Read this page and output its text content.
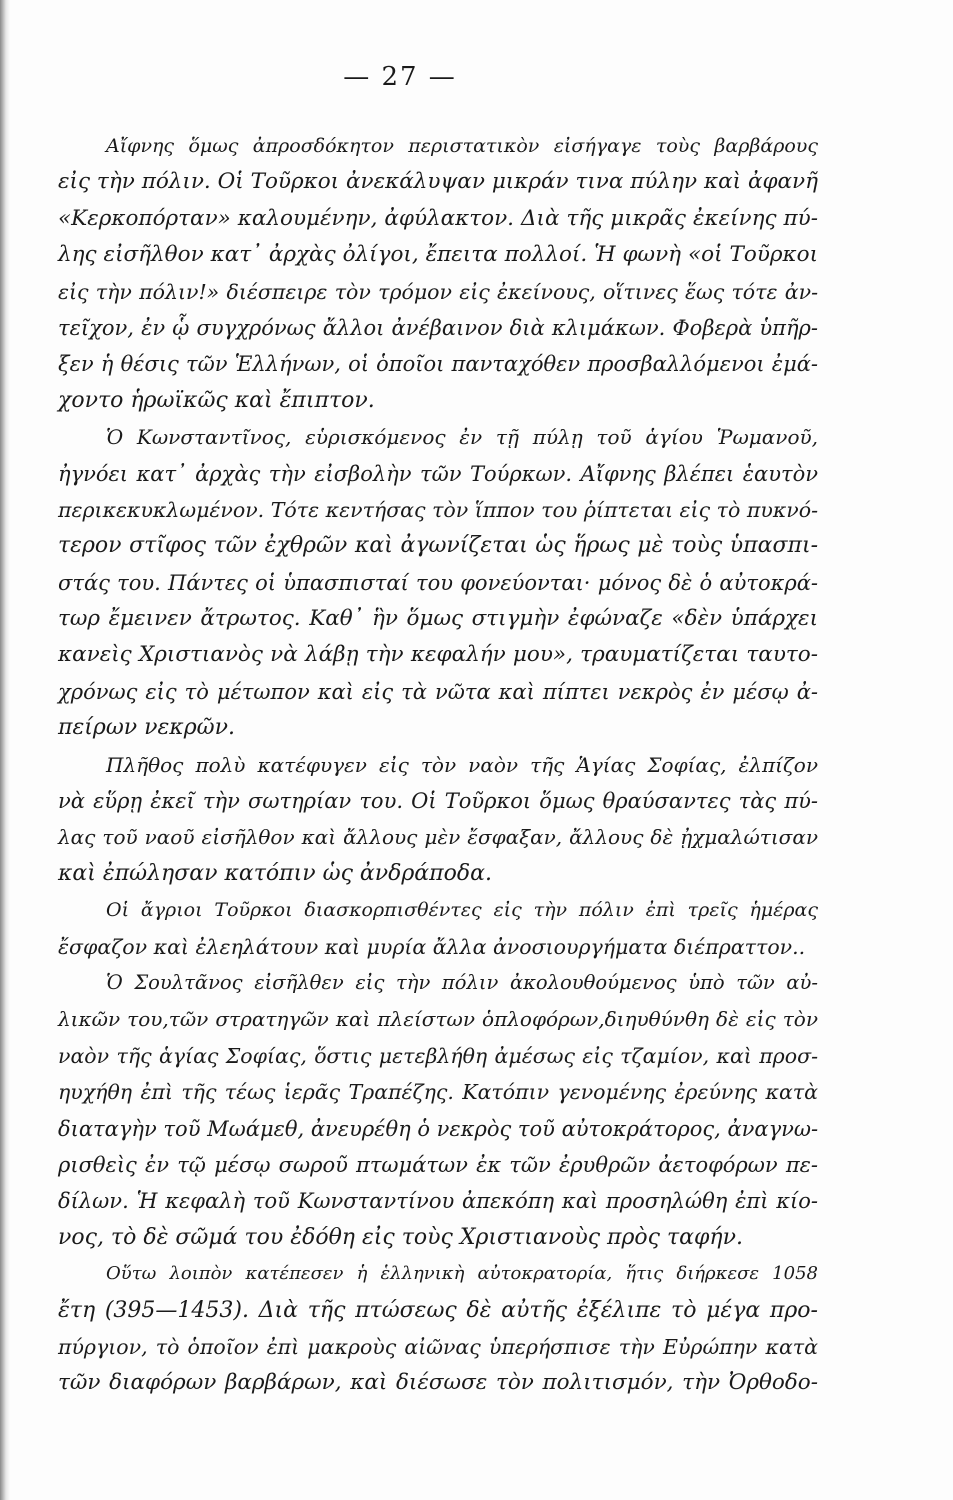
— 27 —
Αἴφνης ὅμως ἀπροσδόκητον περιστατικὸν εἰσήγαγε τοὺς βαρβάρους
εἰς τὴν πόλιν. Οἱ Τοῦρκοι ἀνεκάλυψαν μικράν τινα πύλην καὶ ἀφανῆ
«Κερκοπόρταν» καλουμένην, ἀφύλακτον. Διὰ τῆς μικρᾶς ἐκείνης πύ-
λης εἰσῆλθον κατ᾽ ἀρχὰς ὀλίγοι, ἔπειτα πολλοί. Ἡ φωνὴ «οἱ Τοῦρκοι
εἰς τὴν πόλιν!» διέσπειρε τὸν τρόμον εἰς ἐκείνους, οἵτινες ἕως τότε ἀν-
τεῖχον, ἐν ᾧ συγχρόνως ἄλλοι ἀνέβαινον διὰ κλιμάκων. Φοβερὰ ὑπῆρ-
ξεν ἡ θέσις τῶν Ἑλλήνων, οἱ ὁποῖοι πανταχόθεν προσβαλλόμενοι ἐμά-
χοντο ἡρωϊκῶς καὶ ἔπιπτον.
Ὁ Κωνσταντῖνος, εὑρισκόμενος ἐν τῇ πύλῃ τοῦ ἁγίου Ῥωμανοῦ,
ἠγνόει κατ᾽ ἀρχὰς τὴν εἰσβολὴν τῶν Τούρκων. Αἴφνης βλέπει ἑαυτὸν
περικεκυκλωμένον. Τότε κεντήσας τὸν ἵππον του ῥίπτεται εἰς τὸ πυκνό-
τερον στῖφος τῶν ἐχθρῶν καὶ ἀγωνίζεται ὡς ἥρως μὲ τοὺς ὑπασπι-
στάς του. Πάντες οἱ ὑπασπισταί του φονεύονται· μόνος δὲ ὁ αὐτοκρά-
τωρ ἔμεινεν ἄτρωτος. Καθ᾽ ἣν ὅμως στιγμὴν ἐφώναζε «δὲν ὑπάρχει
κανεὶς Χριστιανὸς νὰ λάβῃ τὴν κεφαλήν μου», τραυματίζεται ταυτο-
χρόνως εἰς τὸ μέτωπον καὶ εἰς τὰ νῶτα καὶ πίπτει νεκρὸς ἐν μέσῳ ἀ-
πείρων νεκρῶν.
Πλῆθος πολὺ κατέφυγεν εἰς τὸν ναὸν τῆς Ἁγίας Σοφίας, ἐλπίζον
νὰ εὕρῃ ἐκεῖ τὴν σωτηρίαν του. Οἱ Τοῦρκοι ὅμως θραύσαντες τὰς πύ-
λας τοῦ ναοῦ εἰσῆλθον καὶ ἄλλους μὲν ἔσφαξαν, ἄλλους δὲ ᾐχμαλώτισαν
καὶ ἐπώλησαν κατόπιν ὡς ἀνδράποδα.
Οἱ ἄγριοι Τοῦρκοι διασκορπισθέντες εἰς τὴν πόλιν ἐπὶ τρεῖς ἡμέρας
ἔσφαζον καὶ ἐλεηλάτουν καὶ μυρία ἄλλα ἀνοσιουργήματα διέπραττον..
Ὁ Σουλτᾶνος εἰσῆλθεν εἰς τὴν πόλιν ἀκολουθούμενος ὑπὸ τῶν αὐ-
λικῶν του,τῶν στρατηγῶν καὶ πλείστων ὁπλοφόρων,διηυθύνθη δὲ εἰς τὸν
ναὸν τῆς ἁγίας Σοφίας, ὅστις μετεβλήθη ἀμέσως εἰς τζαμίον, καὶ προσ-
ηυχήθη ἐπὶ τῆς τέως ἱερᾶς Τραπέζης. Κατόπιν γενομένης ἐρεύνης κατὰ
διαταγὴν τοῦ Μωάμεθ, ἀνευρέθη ὁ νεκρὸς τοῦ αὐτοκράτορος, ἀναγνω-
ρισθεὶς ἐν τῷ μέσῳ σωροῦ πτωμάτων ἐκ τῶν ἐρυθρῶν ἀετοφόρων πε-
δίλων. Ἡ κεφαλὴ τοῦ Κωνσταντίνου ἀπεκόπη καὶ προσηλώθη ἐπὶ κίο-
νος, τὸ δὲ σῶμά του ἐδόθη εἰς τοὺς Χριστιανοὺς πρὸς ταφήν.
Οὕτω λοιπὸν κατέπεσεν ἡ ἑλληνικὴ αὐτοκρατορία, ἥτις διήρκεσε 1058
ἔτη (395—1453). Διὰ τῆς πτώσεως δὲ αὐτῆς ἐξέλιπε τὸ μέγα προ-
πύργιον, τὸ ὁποῖον ἐπὶ μακροὺς αἰῶνας ὑπερήσπισε τὴν Εὐρώπην κατὰ
τῶν διαφόρων βαρβάρων, καὶ διέσωσε τὸν πολιτισμόν, τὴν Ὀρθοδο-
